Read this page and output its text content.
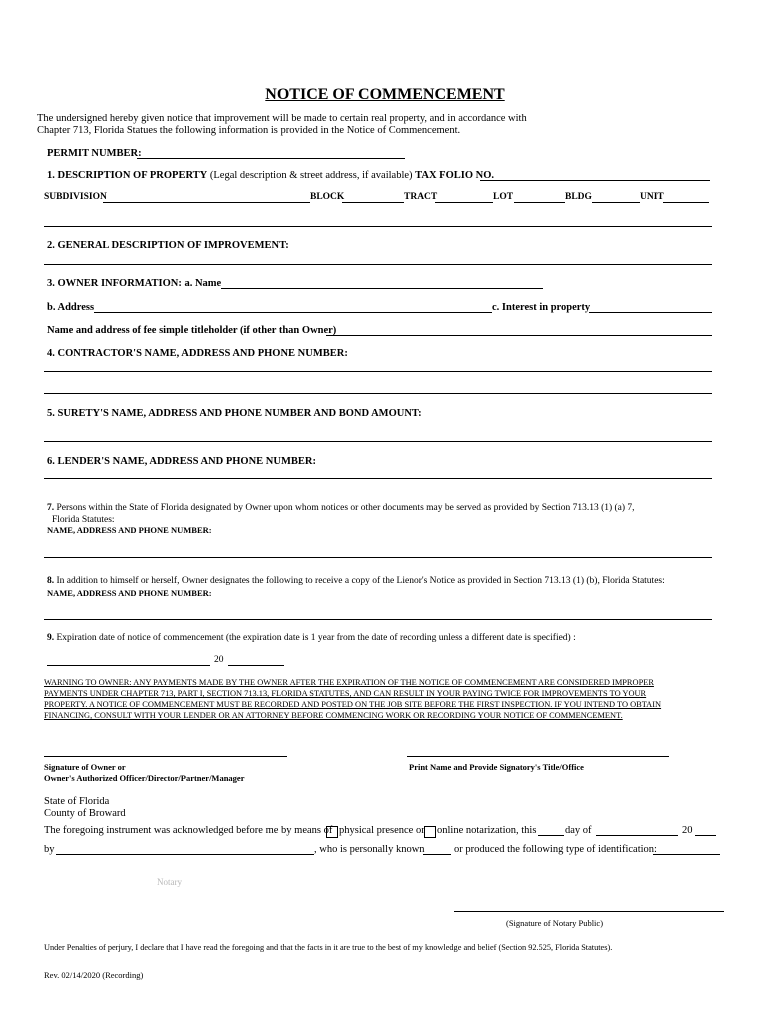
NOTICE OF COMMENCEMENT
The undersigned hereby given notice that improvement will be made to certain real property, and in accordance with
Chapter 713, Florida Statues the following information is provided in the Notice of Commencement.
PERMIT NUMBER:
1. DESCRIPTION OF PROPERTY (Legal description & street address, if available) TAX FOLIO NO.
SUBDIVISION	BLOCK	TRACT	LOT	BLDG	UNIT
2. GENERAL DESCRIPTION OF IMPROVEMENT:
3. OWNER INFORMATION: a. Name
b. Address	c. Interest in property
Name and address of fee simple titleholder (if other than Owner)
4. CONTRACTOR'S NAME, ADDRESS AND PHONE NUMBER:
5. SURETY'S NAME, ADDRESS AND PHONE NUMBER AND BOND AMOUNT:
6. LENDER'S NAME, ADDRESS AND PHONE NUMBER:
7. Persons within the State of Florida designated by Owner upon whom notices or other documents may be served as provided by Section 713.13 (1) (a) 7,
Florida Statutes:
NAME, ADDRESS AND PHONE NUMBER:
8. In addition to himself or herself, Owner designates the following to receive a copy of the Lienor's Notice as provided in Section 713.13 (1) (b), Florida Statutes:
NAME, ADDRESS AND PHONE NUMBER:
9. Expiration date of notice of commencement (the expiration date is 1 year from the date of recording unless a different date is specified) :
20
WARNING TO OWNER: ANY PAYMENTS MADE BY THE OWNER AFTER THE EXPIRATION OF THE NOTICE OF COMMENCEMENT ARE CONSIDERED IMPROPER
PAYMENTS UNDER CHAPTER 713, PART I, SECTION 713.13, FLORIDA STATUTES, AND CAN RESULT IN YOUR PAYING TWICE FOR IMPROVEMENTS TO YOUR
PROPERTY. A NOTICE OF COMMENCEMENT MUST BE RECORDED AND POSTED ON THE JOB SITE BEFORE THE FIRST INSPECTION. IF YOU INTEND TO OBTAIN
FINANCING, CONSULT WITH YOUR LENDER OR AN ATTORNEY BEFORE COMMENCING WORK OR RECORDING YOUR NOTICE OF COMMENCEMENT.
Signature of Owner or
Owner's Authorized Officer/Director/Partner/Manager
Print Name and Provide Signatory's Title/Office
State of Florida
County of Broward
The foregoing instrument was acknowledged before me by means of physical presence or online notarization, this	day of	20
by	, who is personally known	or produced the following type of identification:
Notary
(Signature of Notary Public)
Under Penalties of perjury, I declare that I have read the foregoing and that the facts in it are true to the best of my knowledge and belief (Section 92.525, Florida Statutes).
Rev. 02/14/2020 (Recording)
